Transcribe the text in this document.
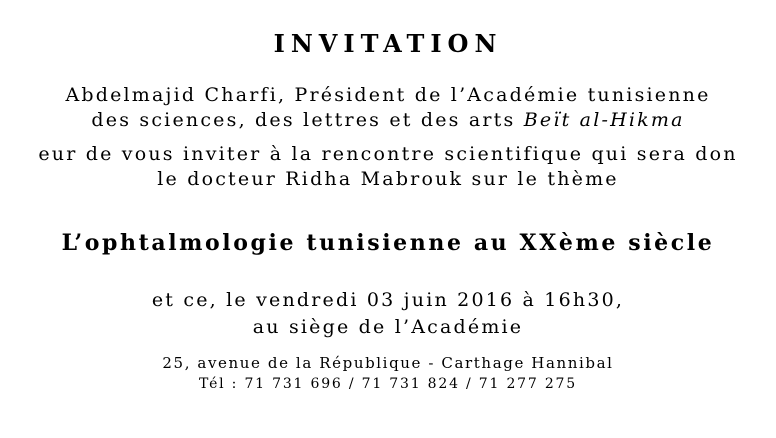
INVITATION
Abdelmajid Charfi, Président de l’Académie tunisienne
des sciences, des lettres et des arts Beït al-Hikma
eur de vous inviter à la rencontre scientifique qui sera don
le docteur Ridha Mabrouk sur le thème
L’ophtalmologie tunisienne au XXème siècle
et ce, le vendredi 03 juin 2016 à 16h30,
au siège de l’Académie
25, avenue de la République - Carthage Hannibal
Tél : 71 731 696 / 71 731 824 / 71 277 275
